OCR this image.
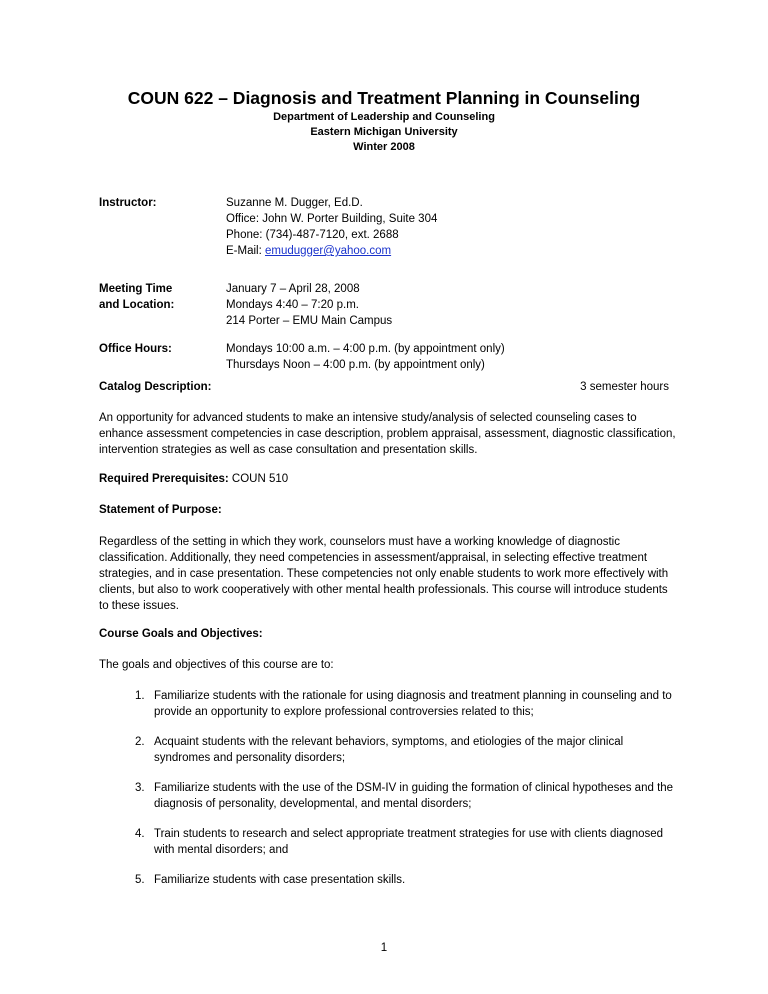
COUN 622 – Diagnosis and Treatment Planning in Counseling
Department of Leadership and Counseling
Eastern Michigan University
Winter 2008
Instructor:	Suzanne M. Dugger, Ed.D.
Office: John W. Porter Building, Suite 304
Phone: (734)-487-7120, ext. 2688
E-Mail: emudugger@yahoo.com
Meeting Time
and Location:
January 7 – April 28, 2008
Mondays 4:40 – 7:20 p.m.
214 Porter – EMU Main Campus
Office Hours:	Mondays 10:00 a.m. – 4:00 p.m. (by appointment only)
Thursdays Noon – 4:00 p.m. (by appointment only)
Catalog Description:	3 semester hours
An opportunity for advanced students to make an intensive study/analysis of selected counseling cases to enhance assessment competencies in case description, problem appraisal, assessment, diagnostic classification, intervention strategies as well as case consultation and presentation skills.
Required Prerequisites: COUN 510
Statement of Purpose:
Regardless of the setting in which they work, counselors must have a working knowledge of diagnostic classification. Additionally, they need competencies in assessment/appraisal, in selecting effective treatment strategies, and in case presentation. These competencies not only enable students to work more effectively with clients, but also to work cooperatively with other mental health professionals. This course will introduce students to these issues.
Course Goals and Objectives:
The goals and objectives of this course are to:
1. Familiarize students with the rationale for using diagnosis and treatment planning in counseling and to provide an opportunity to explore professional controversies related to this;
2. Acquaint students with the relevant behaviors, symptoms, and etiologies of the major clinical syndromes and personality disorders;
3. Familiarize students with the use of the DSM-IV in guiding the formation of clinical hypotheses and the diagnosis of personality, developmental, and mental disorders;
4. Train students to research and select appropriate treatment strategies for use with clients diagnosed with mental disorders; and
5. Familiarize students with case presentation skills.
1
